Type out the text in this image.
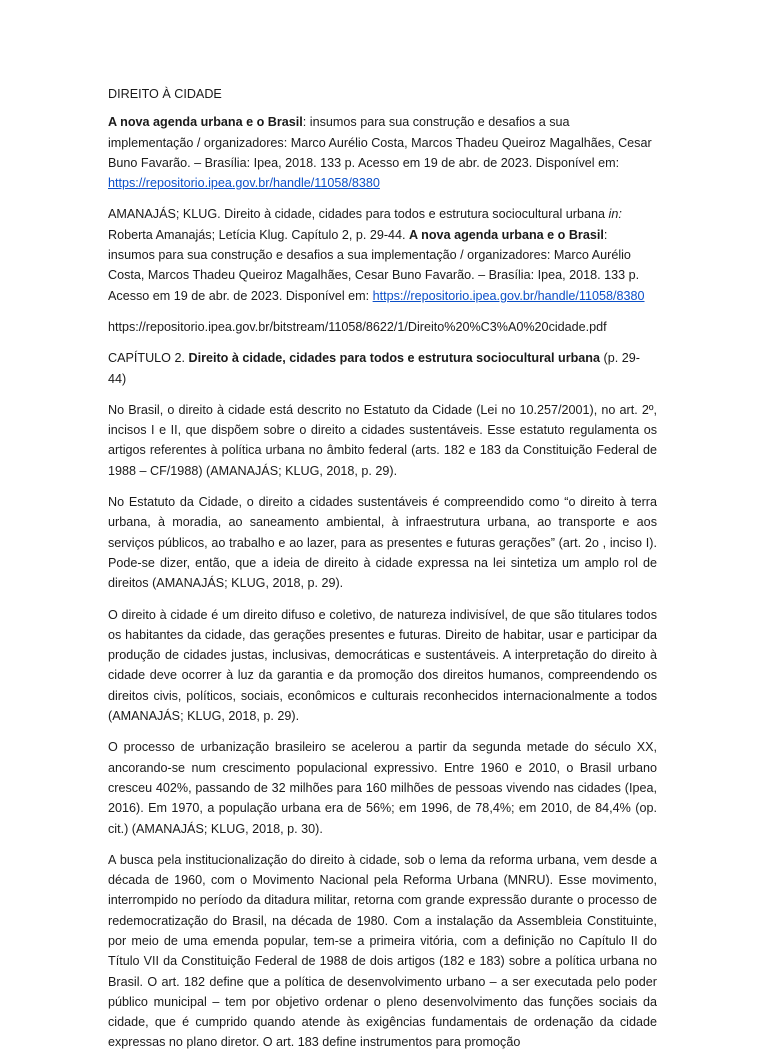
DIREITO À CIDADE

A nova agenda urbana e o Brasil: insumos para sua construção e desafios a sua implementação / organizadores: Marco Aurélio Costa, Marcos Thadeu Queiroz Magalhães, Cesar Buno Favarão. – Brasília: Ipea, 2018. 133 p. Acesso em 19 de abr. de 2023. Disponível em: https://repositorio.ipea.gov.br/handle/11058/8380

AMANAJÁS; KLUG. Direito à cidade, cidades para todos e estrutura sociocultural urbana in: Roberta Amanajás; Letícia Klug. Capítulo 2, p. 29-44. A nova agenda urbana e o Brasil: insumos para sua construção e desafios a sua implementação / organizadores: Marco Aurélio Costa, Marcos Thadeu Queiroz Magalhães, Cesar Buno Favarão. – Brasília: Ipea, 2018. 133 p. Acesso em 19 de abr. de 2023. Disponível em: https://repositorio.ipea.gov.br/handle/11058/8380

https://repositorio.ipea.gov.br/bitstream/11058/8622/1/Direito%20%C3%A0%20cidade.pdf

CAPÍTULO 2. Direito à cidade, cidades para todos e estrutura sociocultural urbana (p. 29-44)

No Brasil, o direito à cidade está descrito no Estatuto da Cidade (Lei no 10.257/2001), no art. 2º, incisos I e II, que dispõem sobre o direito a cidades sustentáveis. Esse estatuto regulamenta os artigos referentes à política urbana no âmbito federal (arts. 182 e 183 da Constituição Federal de 1988 – CF/1988) (AMANAJÁS; KLUG, 2018, p. 29).

No Estatuto da Cidade, o direito a cidades sustentáveis é compreendido como “o direito à terra urbana, à moradia, ao saneamento ambiental, à infraestrutura urbana, ao transporte e aos serviços públicos, ao trabalho e ao lazer, para as presentes e futuras gerações” (art. 2o , inciso I). Pode-se dizer, então, que a ideia de direito à cidade expressa na lei sintetiza um amplo rol de direitos (AMANAJÁS; KLUG, 2018, p. 29).

O direito à cidade é um direito difuso e coletivo, de natureza indivisível, de que são titulares todos os habitantes da cidade, das gerações presentes e futuras. Direito de habitar, usar e participar da produção de cidades justas, inclusivas, democráticas e sustentáveis. A interpretação do direito à cidade deve ocorrer à luz da garantia e da promoção dos direitos humanos, compreendendo os direitos civis, políticos, sociais, econômicos e culturais reconhecidos internacionalmente a todos (AMANAJÁS; KLUG, 2018, p. 29).

O processo de urbanização brasileiro se acelerou a partir da segunda metade do século XX, ancorando-se num crescimento populacional expressivo. Entre 1960 e 2010, o Brasil urbano cresceu 402%, passando de 32 milhões para 160 milhões de pessoas vivendo nas cidades (Ipea, 2016). Em 1970, a população urbana era de 56%; em 1996, de 78,4%; em 2010, de 84,4% (op. cit.) (AMANAJÁS; KLUG, 2018, p. 30).

A busca pela institucionalização do direito à cidade, sob o lema da reforma urbana, vem desde a década de 1960, com o Movimento Nacional pela Reforma Urbana (MNRU). Esse movimento, interrompido no período da ditadura militar, retorna com grande expressão durante o processo de redemocratização do Brasil, na década de 1980. Com a instalação da Assembleia Constituinte, por meio de uma emenda popular, tem-se a primeira vitória, com a definição no Capítulo II do Título VII da Constituição Federal de 1988 de dois artigos (182 e 183) sobre a política urbana no Brasil. O art. 182 define que a política de desenvolvimento urbano – a ser executada pelo poder público municipal – tem por objetivo ordenar o pleno desenvolvimento das funções sociais da cidade, que é cumprido quando atende às exigências fundamentais de ordenação da cidade expressas no plano diretor. O art. 183 define instrumentos para promoção
